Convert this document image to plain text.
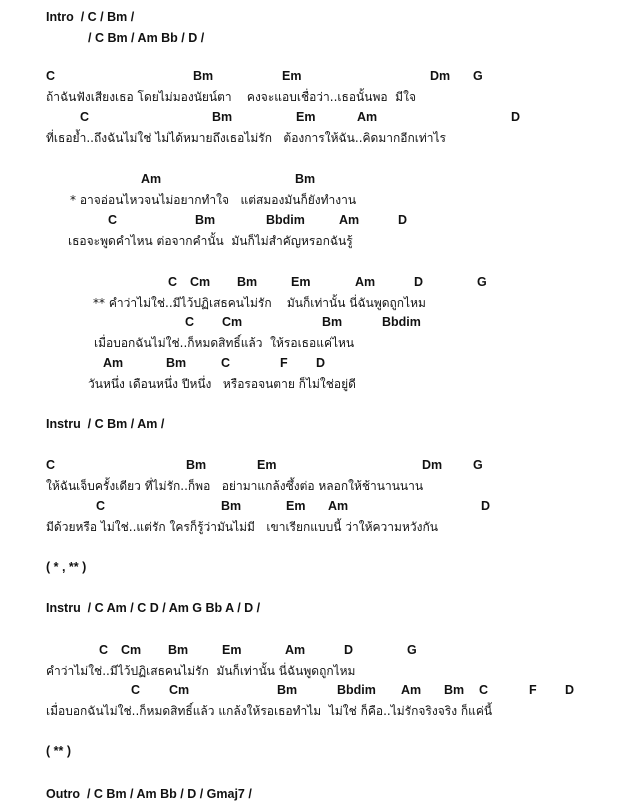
Intro  / C / Bm /
/ C Bm / Am Bb / D /
Instru  / C Bm / Am /
( * , ** )
Instru  / C Am / C D / Am G Bb A / D /
( ** )
Outro  / C Bm / Am Bb / D / Gmaj7 /
C	Bm	Em	Dm G
ถ้าฉันฟังเสียงเธอ โดยไม่มองนัยน์ตา    คงจะแอบเชื่อว่า..เธอนั้นพอ  มีใจ
C	Bm	Em	Am	D
ที่เธอย้ำ..ถึงฉันไม่ใช่ ไม่ได้หมายถึงเธอไม่รัก   ต้องการให้ฉัน..คิดมากอีกเท่าไร
Am	Bm
* อาจอ่อนไหวจนไม่อยากทำใจ   แต่สมองมันก็ยังทำงาน
C	Bm	Bbdim	Am	D
เธอจะพูดคำไหน ต่อจากคำนั้น  มันก็ไม่สำคัญหรอกฉันรู้
C Cm Bm	Em	Am	D	G
** คำว่าไม่ใช่..มีไว้ปฏิเสธคนไม่รัก    มันก็เท่านั้น นี่ฉันพูดถูกไหม
C Cm	Bm	Bbdim
เมื่อบอกฉันไม่ใช่..ก็หมดสิทธิ์แล้ว  ให้รอเธอแค่ไหน
Am	Bm	C	F D
วันหนึ่ง เดือนหนึ่ง ปีหนึ่ง   หรือรอจนตาย ก็ไม่ใช่อยู่ดี
C	Bm	Em	Dm G
ให้ฉันเจ็บครั้งเดียว ที่ไม่รัก..ก็พอ   อย่ามาแกล้งซึ้งต่อ หลอกให้ช้านานนาน
C	Bm	Em Am	D
มีด้วยหรือ ไม่ใช่..แต่รัก ใครก็รู้ว่ามันไม่มี   เขาเรียกแบบนี้ ว่าให้ความหวังกัน
C Cm Bm	Em	Am	D	G
คำว่าไม่ใช่..มีไว้ปฏิเสธคนไม่รัก  มันก็เท่านั้น นี่ฉันพูดถูกไหม
C Cm	Bm	Bbdim Am Bm C	F D
เมื่อบอกฉันไม่ใช่..ก็หมดสิทธิ์แล้ว แกล้งให้รอเธอทำไม  ไม่ใช่ ก็คือ..ไม่รักจริงจริง ก็แค่นี้
